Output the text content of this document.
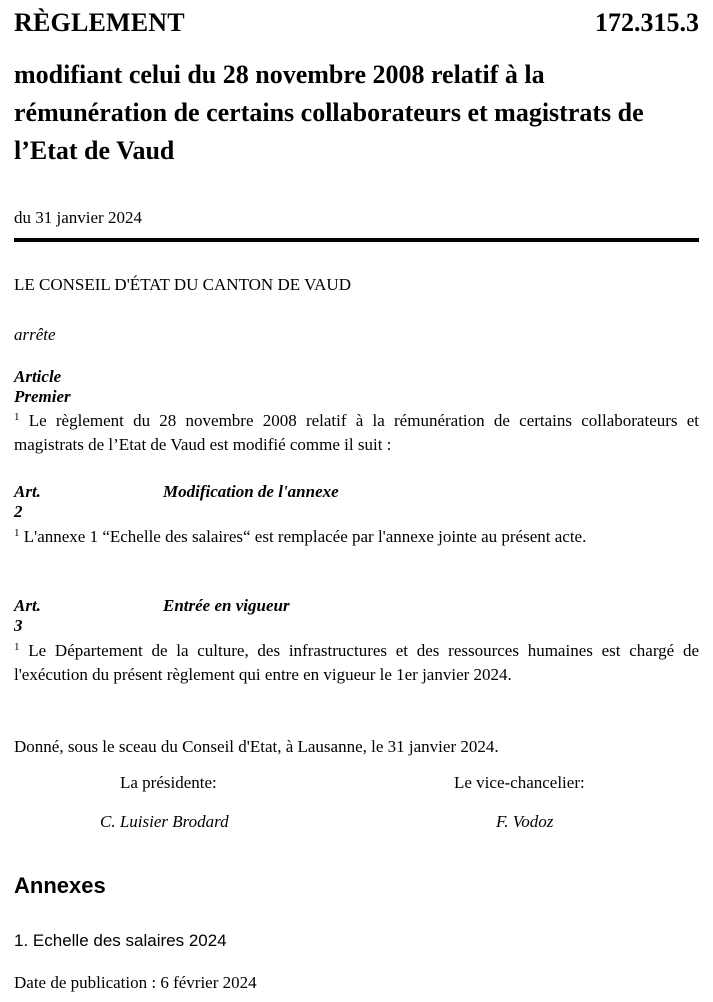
RÈGLEMENT	172.315.3
modifiant celui du 28 novembre 2008 relatif à la rémunération de certains collaborateurs et magistrats de l’Etat de Vaud
du 31 janvier 2024
LE CONSEIL D'ÉTAT DU CANTON DE VAUD
arrête
Article Premier
$^1$ Le règlement du 28 novembre 2008 relatif à la rémunération de certains collaborateurs et magistrats de l’Etat de Vaud est modifié comme il suit :
Art. 2
Modification de l'annexe
$^1$ L'annexe 1 “Echelle des salaires“ est remplacée par l'annexe jointe au présent acte.
Art. 3
Entrée en vigueur
$^1$ Le Département de la culture, des infrastructures et des ressources humaines est chargé de l'exécution du présent règlement qui entre en vigueur le 1er janvier 2024.
Donné, sous le sceau du Conseil d'Etat, à Lausanne, le 31 janvier 2024.
La présidente:	Le vice-chancelier:
C. Luisier Brodard	F. Vodoz
Annexes
1. Echelle des salaires 2024
Date de publication : 6 février 2024
